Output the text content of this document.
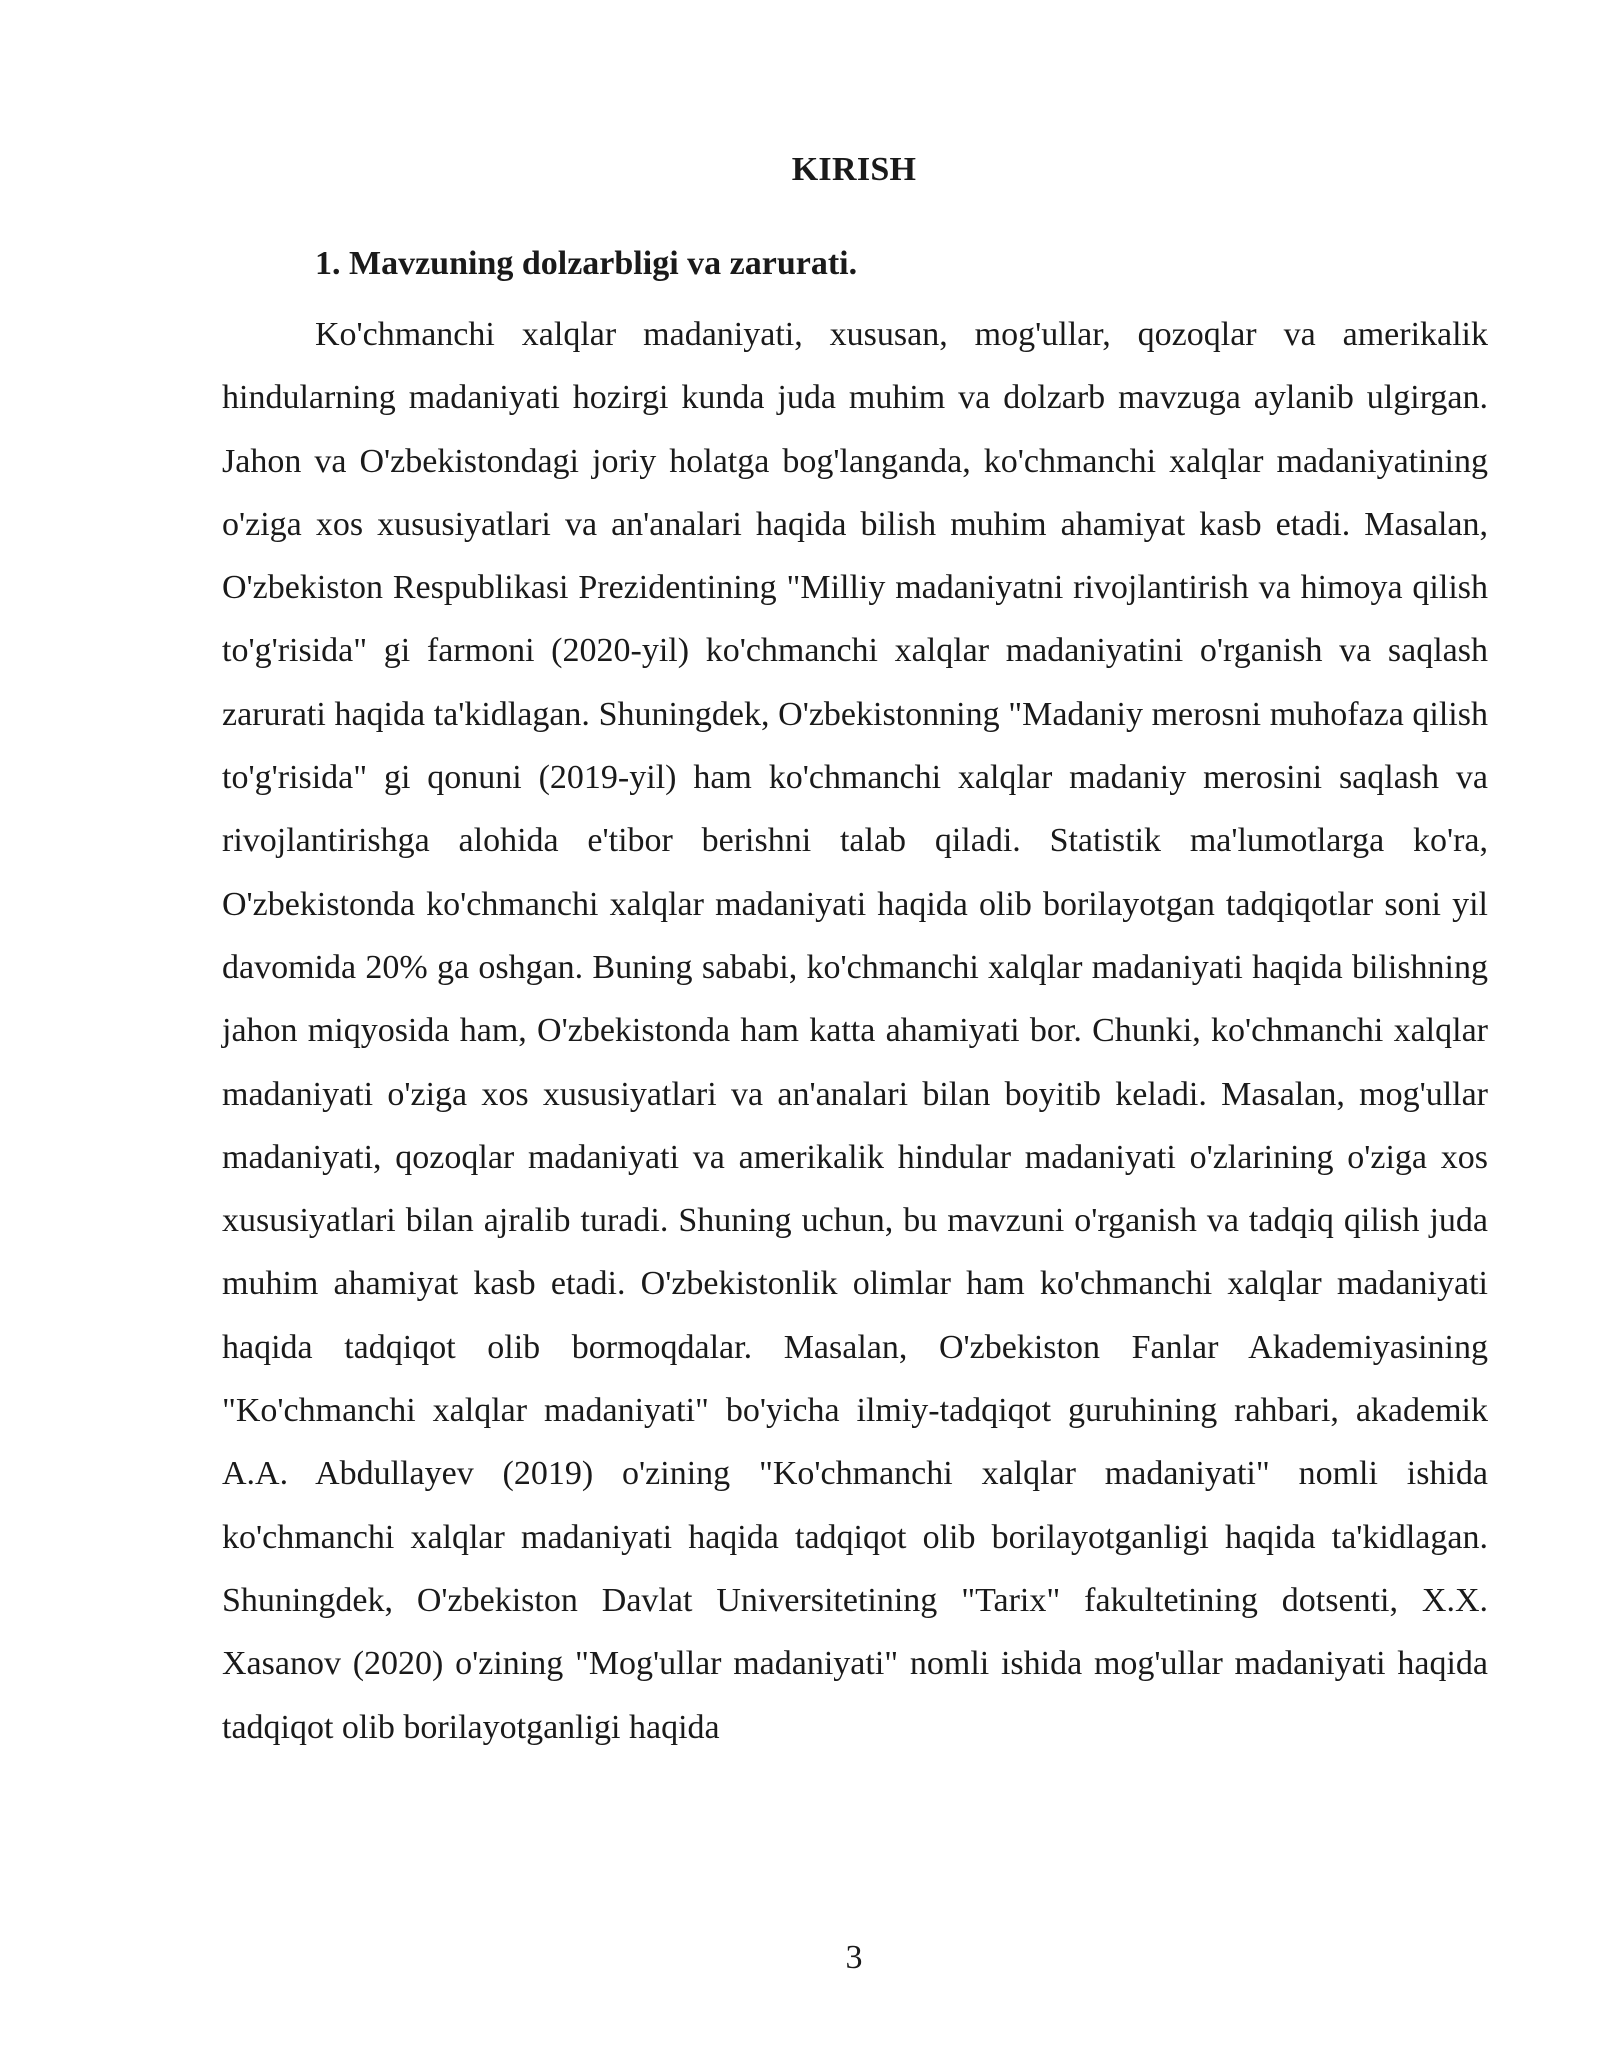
KIRISH
1. Mavzuning dolzarbligi va zarurati.

Ko'chmanchi xalqlar madaniyati, xususan, mog'ullar, qozoqlar va amerikalik hindularning madaniyati hozirgi kunda juda muhim va dolzarb mavzuga aylanib ulgirgan. Jahon va O'zbekistondagi joriy holatga bog'langanda, ko'chmanchi xalqlar madaniyatining o'ziga xos xususiyatlari va an'analari haqida bilish muhim ahamiyat kasb etadi. Masalan, O'zbekiston Respublikasi Prezidentining "Milliy madaniyatni rivojlantirish va himoya qilish to'g'risida" gi farmoni (2020-yil) ko'chmanchi xalqlar madaniyatini o'rganish va saqlash zarurati haqida ta'kidlagan. Shuningdek, O'zbekistonning "Madaniy merosni muhofaza qilish to'g'risida" gi qonuni (2019-yil) ham ko'chmanchi xalqlar madaniy merosini saqlash va rivojlantirishga alohida e'tibor berishni talab qiladi. Statistik ma'lumotlarga ko'ra, O'zbekistonda ko'chmanchi xalqlar madaniyati haqida olib borilayotgan tadqiqotlar soni yil davomida 20% ga oshgan. Buning sababi, ko'chmanchi xalqlar madaniyati haqida bilishning jahon miqyosida ham, O'zbekistonda ham katta ahamiyati bor. Chunki, ko'chmanchi xalqlar madaniyati o'ziga xos xususiyatlari va an'analari bilan boyitib keladi. Masalan, mog'ullar madaniyati, qozoqlar madaniyati va amerikalik hindular madaniyati o'zlarining o'ziga xos xususiyatlari bilan ajralib turadi. Shuning uchun, bu mavzuni o'rganish va tadqiq qilish juda muhim ahamiyat kasb etadi. O'zbekistonlik olimlar ham ko'chmanchi xalqlar madaniyati haqida tadqiqot olib bormoqdalar. Masalan, O'zbekiston Fanlar Akademiyasining "Ko'chmanchi xalqlar madaniyati" bo'yicha ilmiy-tadqiqot guruhining rahbari, akademik A.A. Abdullayev (2019) o'zining "Ko'chmanchi xalqlar madaniyati" nomli ishida ko'chmanchi xalqlar madaniyati haqida tadqiqot olib borilayotganligi haqida ta'kidlagan. Shuningdek, O'zbekiston Davlat Universitetining "Tarix" fakultetining dotsenti, X.X. Xasanov (2020) o'zining "Mog'ullar madaniyati" nomli ishida mog'ullar madaniyati haqida tadqiqot olib borilayotganligi haqida

3
